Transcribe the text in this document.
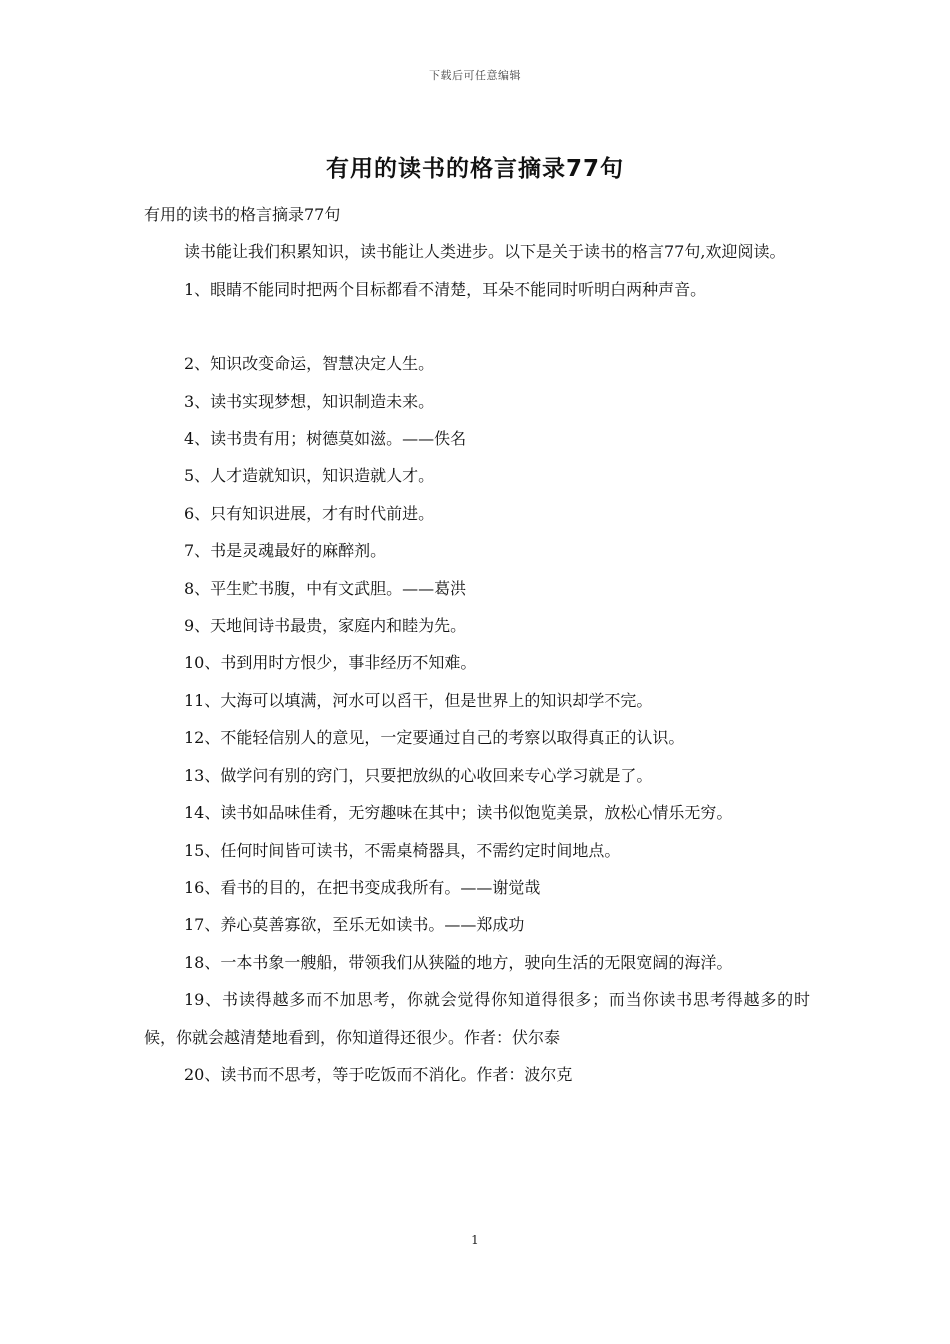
下载后可任意编辑
有用的读书的格言摘录77句

有用的读书的格言摘录77句

读书能让我们积累知识，读书能让人类进步。以下是关于读书的格言77句,欢迎阅读。

1、眼睛不能同时把两个目标都看不清楚，耳朵不能同时听明白两种声音。

2、知识改变命运，智慧决定人生。

3、读书实现梦想，知识制造未来。

4、读书贵有用；树德莫如滋。——佚名

5、人才造就知识，知识造就人才。

6、只有知识进展，才有时代前进。

7、书是灵魂最好的麻醉剂。

8、平生贮书腹，中有文武胆。——葛洪

9、天地间诗书最贵，家庭内和睦为先。

10、书到用时方恨少，事非经历不知难。

11、大海可以填满，河水可以舀干，但是世界上的知识却学不完。

12、不能轻信别人的意见，一定要通过自己的考察以取得真正的认识。

13、做学问有别的窍门，只要把放纵的心收回来专心学习就是了。

14、读书如品味佳肴，无穷趣味在其中；读书似饱览美景，放松心情乐无穷。

15、任何时间皆可读书，不需桌椅器具，不需约定时间地点。

16、看书的目的，在把书变成我所有。——谢觉哉

17、养心莫善寡欲，至乐无如读书。——郑成功

18、一本书象一艘船，带领我们从狭隘的地方，驶向生活的无限宽阔的海洋。

19、书读得越多而不加思考，你就会觉得你知道得很多；而当你读书思考得越多的时候，你就会越清楚地看到，你知道得还很少。作者：伏尔泰

20、读书而不思考，等于吃饭而不消化。作者：波尔克

1
